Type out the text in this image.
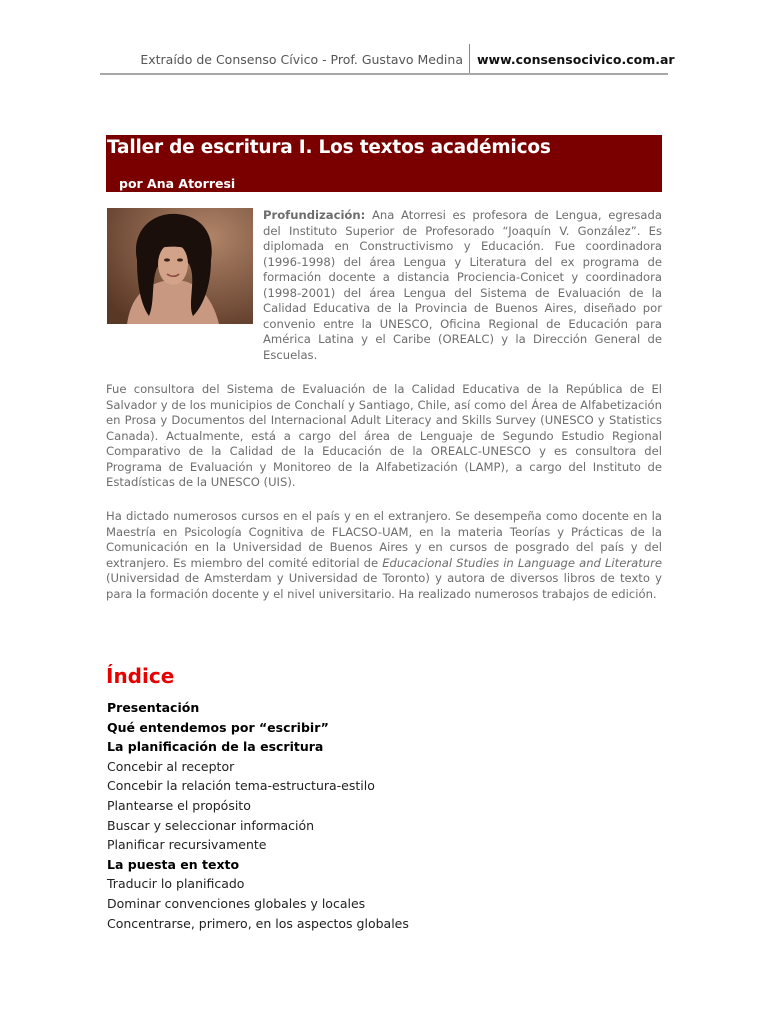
Extraído de Consenso Cívico - Prof. Gustavo Medina www.consensocivico.com.ar
Taller de escritura I. Los textos académicos
por Ana Atorresi

Profundización: Ana Atorresi es profesora de Lengua, egresada del Instituto Superior de Profesorado “Joaquín V. González”. Es diplomada en Constructivismo y Educación. Fue coordinadora (1996-1998) del área Lengua y Literatura del ex programa de formación docente a distancia Prociencia-Conicet y coordinadora (1998-2001) del área Lengua del Sistema de Evaluación de la Calidad Educativa de la Provincia de Buenos Aires, diseñado por convenio entre la UNESCO, Oficina Regional de Educación para América Latina y el Caribe (OREALC) y la Dirección General de Escuelas.

Fue consultora del Sistema de Evaluación de la Calidad Educativa de la República de El Salvador y de los municipios de Conchalí y Santiago, Chile, así como del Área de Alfabetización en Prosa y Documentos del Internacional Adult Literacy and Skills Survey (UNESCO y Statistics Canada). Actualmente, está a cargo del área de Lenguaje de Segundo Estudio Regional Comparativo de la Calidad de la Educación de la OREALC-UNESCO y es consultora del Programa de Evaluación y Monitoreo de la Alfabetización (LAMP), a cargo del Instituto de Estadísticas de la UNESCO (UIS).

Ha dictado numerosos cursos en el país y en el extranjero. Se desempeña como docente en la Maestría en Psicología Cognitiva de FLACSO-UAM, en la materia Teorías y Prácticas de la Comunicación en la Universidad de Buenos Aires y en cursos de posgrado del país y del extranjero. Es miembro del comité editorial de Educacional Studies in Language and Literature (Universidad de Amsterdam y Universidad de Toronto) y autora de diversos libros de texto y para la formación docente y el nivel universitario. Ha realizado numerosos trabajos de edición.

Índice
Presentación
Qué entendemos por “escribir”
La planificación de la escritura
Concebir al receptor
Concebir la relación tema-estructura-estilo
Plantearse el propósito
Buscar y seleccionar información
Planificar recursivamente
La puesta en texto
Traducir lo planificado
Dominar convenciones globales y locales
Concentrarse, primero, en los aspectos globales
